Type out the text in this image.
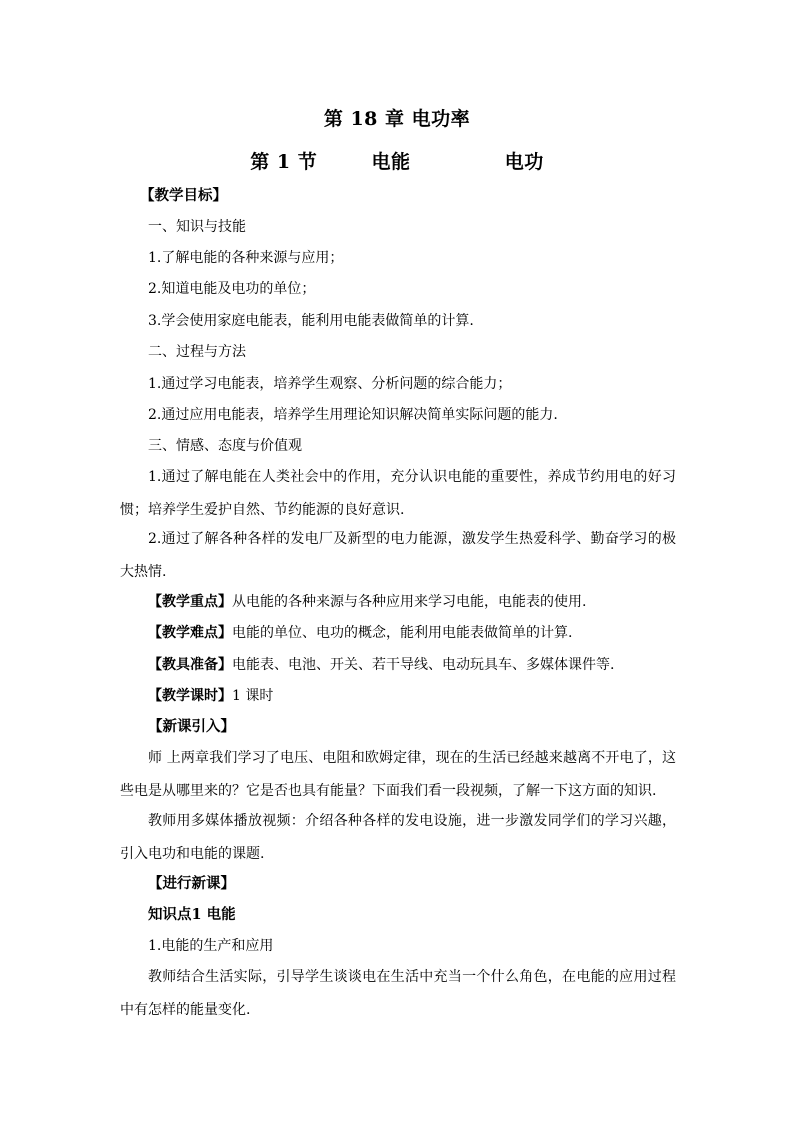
第 18 章 电功率
第 1 节	电能	电功
【教学目标】
一、知识与技能
1.了解电能的各种来源与应用；
2.知道电能及电功的单位；
3.学会使用家庭电能表，能利用电能表做简单的计算.
二、过程与方法
1.通过学习电能表，培养学生观察、分析问题的综合能力；
2.通过应用电能表，培养学生用理论知识解决简单实际问题的能力.
三、情感、态度与价值观
1.通过了解电能在人类社会中的作用，充分认识电能的重要性，养成节约用电的好习惯；培养学生爱护自然、节约能源的良好意识.
2.通过了解各种各样的发电厂及新型的电力能源，激发学生热爱科学、勤奋学习的极大热情.
【教学重点】从电能的各种来源与各种应用来学习电能，电能表的使用.
【教学难点】电能的单位、电功的概念，能利用电能表做简单的计算.
【教具准备】电能表、电池、开关、若干导线、电动玩具车、多媒体课件等.
【教学课时】1 课时
【新课引入】
师 上两章我们学习了电压、电阻和欧姆定律，现在的生活已经越来越离不开电了，这些电是从哪里来的？它是否也具有能量？下面我们看一段视频，了解一下这方面的知识.
教师用多媒体播放视频：介绍各种各样的发电设施，进一步激发同学们的学习兴趣，引入电功和电能的课题.
【进行新课】
知识点1 电能
1.电能的生产和应用
教师结合生活实际，引导学生谈谈电在生活中充当一个什么角色，在电能的应用过程中有怎样的能量变化.
